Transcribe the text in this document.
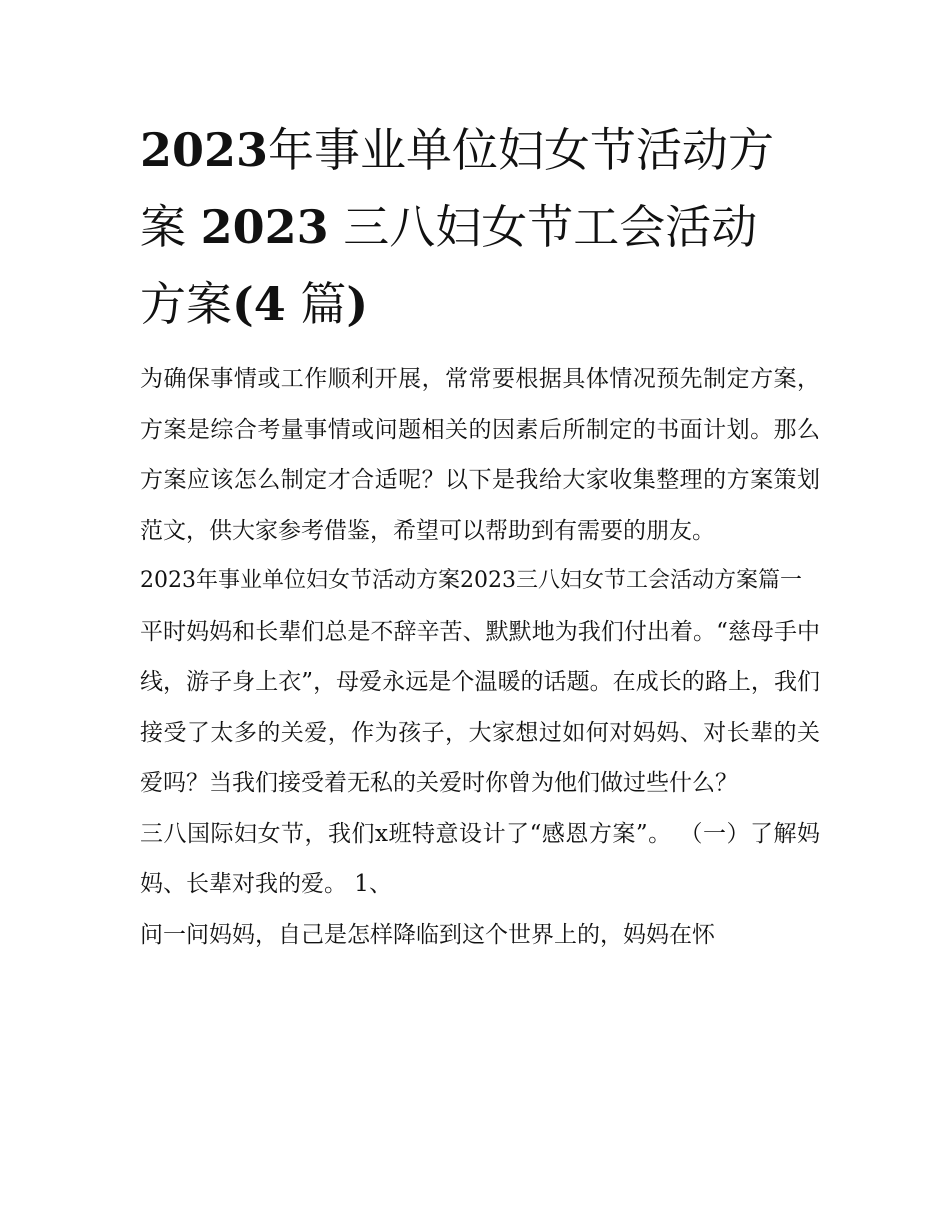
2023年事业单位妇女节活动方
案 2023 三八妇女节工会活动
方案(4 篇)

为确保事情或工作顺利开展，常常要根据具体情况预先制定方案，方案是综合考量事情或问题相关的因素后所制定的书面计划。那么方案应该怎么制定才合适呢？以下是我给大家收集整理的方案策划范文，供大家参考借鉴，希望可以帮助到有需要的朋友。

2023年事业单位妇女节活动方案2023三八妇女节工会活动方案篇一

平时妈妈和长辈们总是不辞辛苦、默默地为我们付出着。“慈母手中线，游子身上衣”，母爱永远是个温暖的话题。在成长的路上，我们接受了太多的关爱，作为孩子，大家想过如何对妈妈、对长辈的关爱吗？当我们接受着无私的关爱时你曾为他们做过些什么？

三八国际妇女节，我们x班特意设计了“感恩方案”。 （一）了解妈妈、长辈对我的爱。 1、

问一问妈妈，自己是怎样降临到这个世界上的，妈妈在怀
